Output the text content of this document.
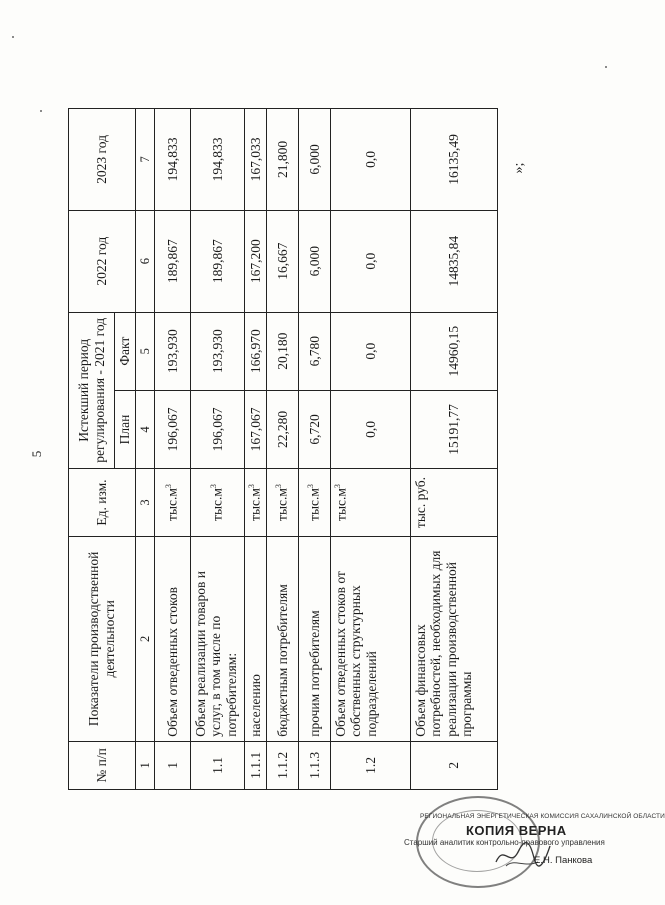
5
»;
№ п/п	Показатели производственной деятельности	Ед. изм.	Истекший период регулирования - 2021 год		2022 год	2023 год
			План	Факт		
1	2	3	4	5	6	7
1	Объем отведенных стоков	$тыс.м^3$	196,067	193,930	189,867	194,833
1.1	Объем реализации товаров и услуг, в том числе по потребителям:	$тыс.м^3$	196,067	193,930	189,867	194,833
1.1.1	населению	$тыс.м^3$	167,067	166,970	167,200	167,033
1.1.2	бюджетным потребителям	$тыс.м^3$	22,280	20,180	16,667	21,800
1.1.3	прочим потребителям	$тыс.м^3$	6,720	6,780	6,000	6,000
1.2	Объем отведенных стоков от собственных структурных подразделений	$тыс.м^3$	0,0	0,0	0,0	0,0
2	Объем финансовых потребностей, необходимых для реализации производственной программы	тыс. руб.	15191,77	14960,15	14835,84	16135,49
РЕГИОНАЛЬНАЯ ЭНЕРГЕТИЧЕСКАЯ КОМИССИЯ САХАЛИНСКОЙ ОБЛАСТИ
КОПИЯ ВЕРНА
Старший аналитик контрольно-правового управления
Е.Н. Панкова
